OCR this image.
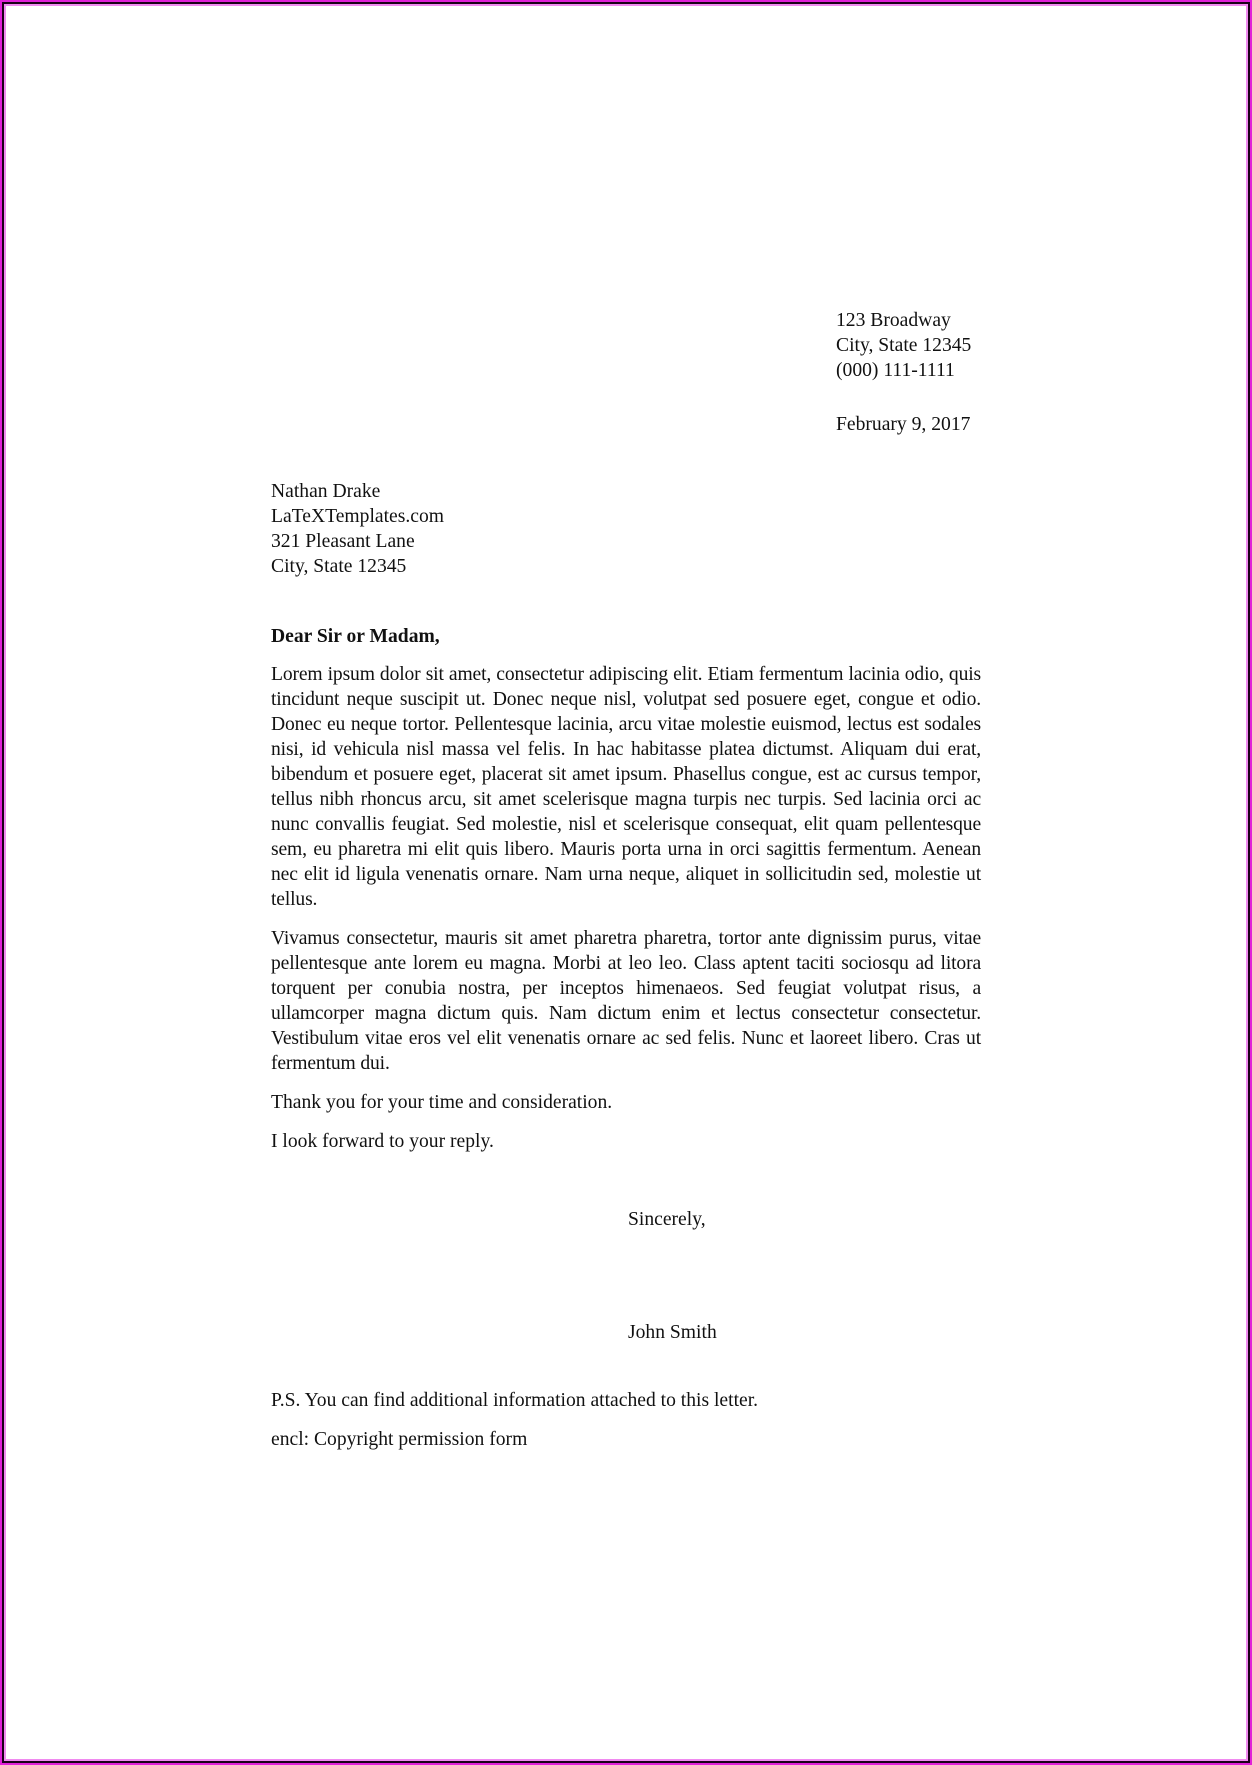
123 Broadway
City, State 12345
(000) 111-1111
February 9, 2017
Nathan Drake
LaTeXTemplates.com
321 Pleasant Lane
City, State 12345
Dear Sir or Madam,

Lorem ipsum dolor sit amet, consectetur adipiscing elit. Etiam fermentum lacinia odio, quis tincidunt neque suscipit ut. Donec neque nisl, volutpat sed posuere eget, congue et odio. Donec eu neque tortor. Pellentesque lacinia, arcu vitae molestie euismod, lectus est sodales nisi, id vehicula nisl massa vel felis. In hac habitasse platea dictumst. Aliquam dui erat, bibendum et posuere eget, placerat sit amet ipsum. Phasellus congue, est ac cursus tempor, tellus nibh rhoncus arcu, sit amet scelerisque magna turpis nec turpis. Sed lacinia orci ac nunc convallis feugiat. Sed molestie, nisl et scelerisque consequat, elit quam pellentesque sem, eu pharetra mi elit quis libero. Mauris porta urna in orci sagittis fermentum. Aenean nec elit id ligula venenatis ornare. Nam urna neque, aliquet in sollicitudin sed, molestie ut tellus.

Vivamus consectetur, mauris sit amet pharetra pharetra, tortor ante dignissim purus, vitae pellentesque ante lorem eu magna. Morbi at leo leo. Class aptent taciti sociosqu ad litora torquent per conubia nostra, per inceptos himenaeos. Sed feugiat volutpat risus, a ullamcorper magna dictum quis. Nam dictum enim et lectus consectetur consectetur. Vestibulum vitae eros vel elit venenatis ornare ac sed felis. Nunc et laoreet libero. Cras ut fermentum dui.

Thank you for your time and consideration.

I look forward to your reply.

Sincerely,
John Smith
P.S. You can find additional information attached to this letter.
encl: Copyright permission form
